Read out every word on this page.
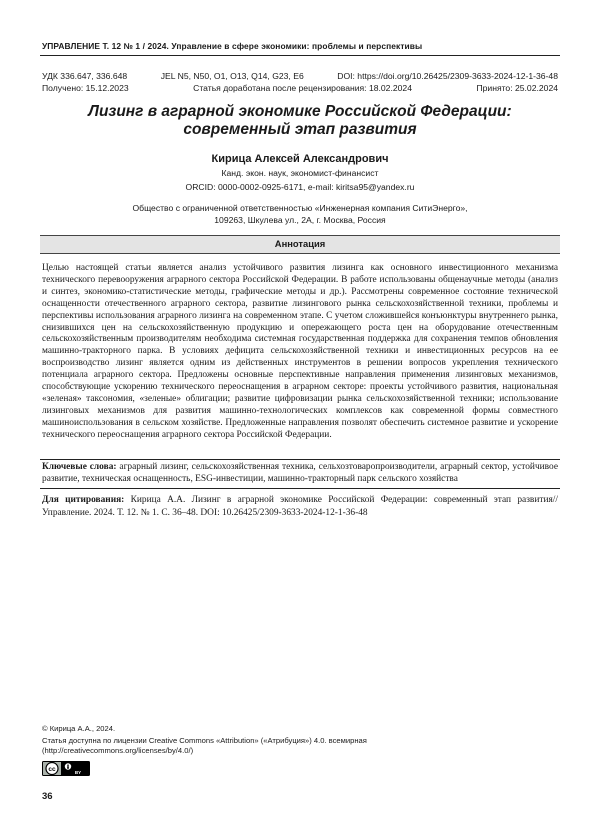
УПРАВЛЕНИЕ Т. 12 № 1 / 2024. Управление в сфере экономики: проблемы и перспективы
УДК 336.647, 336.648	JEL N5, N50, O1, O13, Q14, G23, E6	DOI: https://doi.org/10.26425/2309-3633-2024-12-1-36-48
Получено: 15.12.2023	Статья доработана после рецензирования: 18.02.2024	Принято: 25.02.2024
Лизинг в аграрной экономике Российской Федерации:
современный этап развития
Кирица Алексей Александрович
Канд. экон. наук, экономист-финансист
ORCID: 0000-0002-0925-6171, e-mail: kiritsa95@yandex.ru
Общество с ограниченной ответственностью «Инженерная компания СитиЭнерго»,
109263, Шкулева ул., 2А, г. Москва, Россия
Аннотация
Целью настоящей статьи является анализ устойчивого развития лизинга как основного инвестиционного механизма технического перевооружения аграрного сектора Российской Федерации. В работе использованы общенаучные методы (анализ и синтез, экономико-статистические методы, графические методы и др.). Рассмотрены современное состояние технической оснащенности отечественного аграрного сектора, развитие лизингового рынка сельскохозяйственной техники, проблемы и перспективы использования аграрного лизинга на современном этапе. С учетом сложившейся конъюнктуры внутреннего рынка, снизившихся цен на сельскохозяйственную продукцию и опережающего роста цен на оборудование отечественным сельскохозяйственным производителям необходима системная государственная поддержка для сохранения темпов обновления машинно-тракторного парка. В условиях дефицита сельскохозяйственной техники и инвестиционных ресурсов на ее воспроизводство лизинг является одним из действенных инструментов в решении вопросов укрепления технического потенциала аграрного сектора. Предложены основные перспективные направления применения лизинговых механизмов, способствующие ускорению технического переоснащения в аграрном секторе: проекты устойчивого развития, национальная «зеленая» таксономия, «зеленые» облигации; развитие цифровизации рынка сельскохозяйственной техники; использование лизинговых механизмов для развития машинно-технологических комплексов как современной формы совместного машиноиспользования в сельском хозяйстве. Предложенные направления позволят обеспечить системное развитие и ускорение технического переоснащения аграрного сектора Российской Федерации.
Ключевые слова: аграрный лизинг, сельскохозяйственная техника, сельхозтоваропроизводители, аграрный сектор, устойчивое развитие, техническая оснащенность, ESG-инвестиции, машинно-тракторный парк сельского хозяйства
Для цитирования: Кирица А.А. Лизинг в аграрной экономике Российской Федерации: современный этап развития// Управление. 2024. Т. 12. № 1. С. 36–48. DOI: 10.26425/2309-3633-2024-12-1-36-48
© Кирица А.А., 2024.
Статья доступна по лицензии Creative Commons «Attribution» («Атрибуция») 4.0. всемирная
(http://creativecommons.org/licenses/by/4.0/)
cc	BY
36
